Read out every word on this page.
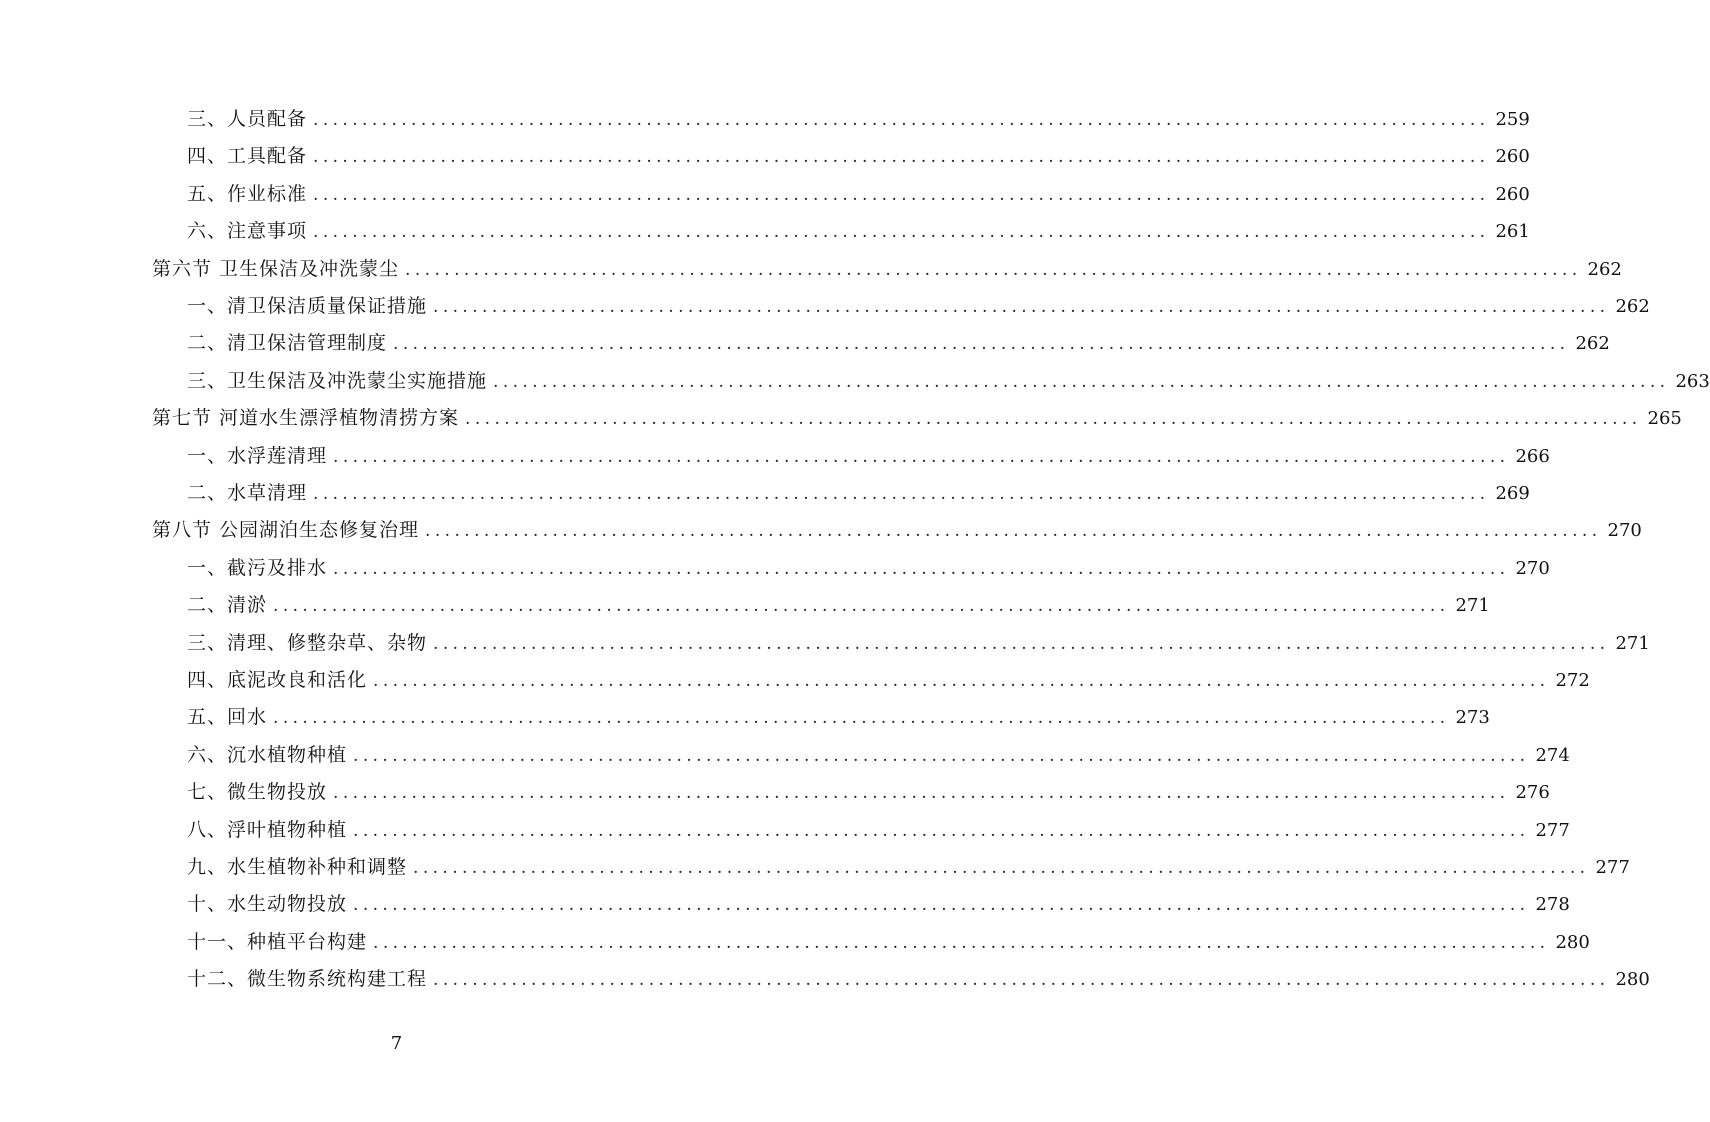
三、人员配备 ........................................................................................................................ 259
四、工具配备 ........................................................................................................................ 260
五、作业标准 ........................................................................................................................ 260
六、注意事项 ........................................................................................................................ 261
第六节 卫生保洁及冲洗蒙尘 ........................................................................................................................ 262
一、清卫保洁质量保证措施 ........................................................................................................................ 262
二、清卫保洁管理制度 ........................................................................................................................ 262
三、卫生保洁及冲洗蒙尘实施措施 ........................................................................................................................ 263
第七节 河道水生漂浮植物清捞方案 ........................................................................................................................ 265
一、水浮莲清理 ........................................................................................................................ 266
二、水草清理 ........................................................................................................................ 269
第八节 公园湖泊生态修复治理 ........................................................................................................................ 270
一、截污及排水 ........................................................................................................................ 270
二、清淤 ........................................................................................................................ 271
三、清理、修整杂草、杂物 ........................................................................................................................ 271
四、底泥改良和活化 ........................................................................................................................ 272
五、回水 ........................................................................................................................ 273
六、沉水植物种植 ........................................................................................................................ 274
七、微生物投放 ........................................................................................................................ 276
八、浮叶植物种植 ........................................................................................................................ 277
九、水生植物补种和调整 ........................................................................................................................ 277
十、水生动物投放 ........................................................................................................................ 278
十一、种植平台构建 ........................................................................................................................ 280
十二、微生物系统构建工程 ........................................................................................................................ 280
7
